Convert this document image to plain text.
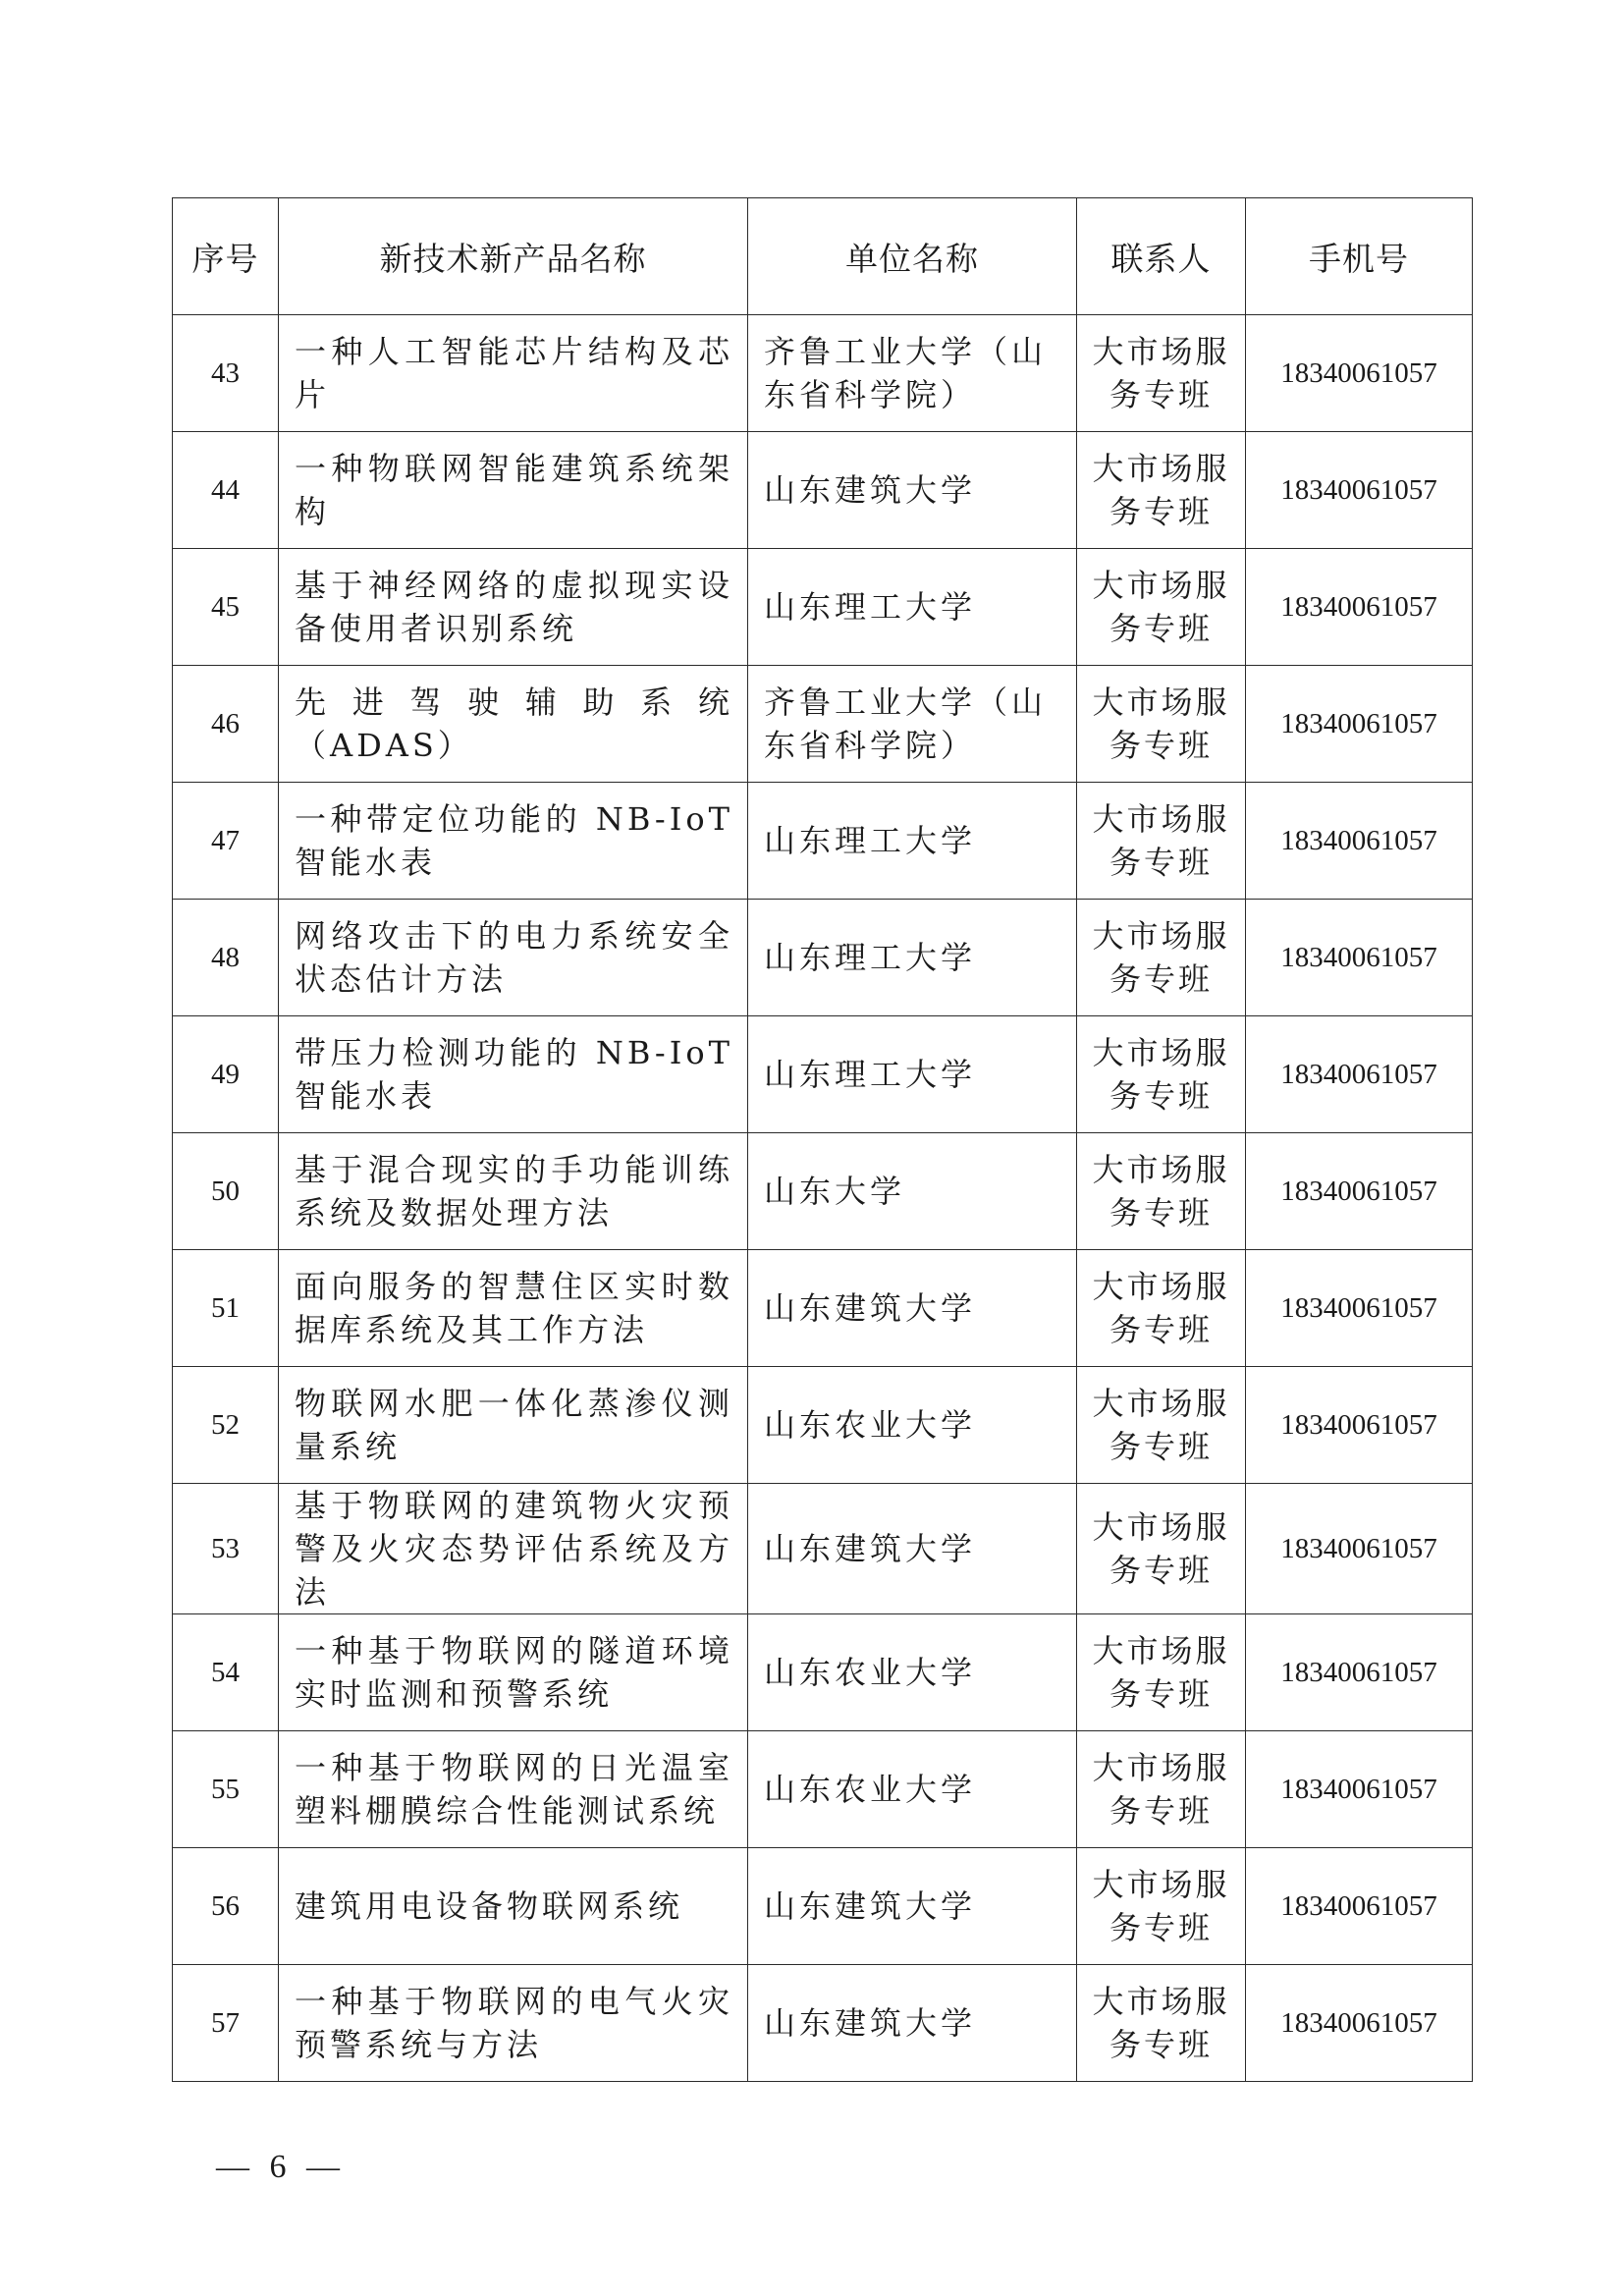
序号	新技术新产品名称	单位名称	联系人	手机号
43	一种人工智能芯片结构及芯片	齐鲁工业大学（山东省科学院）	大市场服务专班	18340061057
44	一种物联网智能建筑系统架构	山东建筑大学	大市场服务专班	18340061057
45	基于神经网络的虚拟现实设备使用者识别系统	山东理工大学	大市场服务专班	18340061057
46	先进驾驶辅助系统（ADAS）	齐鲁工业大学（山东省科学院）	大市场服务专班	18340061057
47	一种带定位功能的 NB-IoT 智能水表	山东理工大学	大市场服务专班	18340061057
48	网络攻击下的电力系统安全状态估计方法	山东理工大学	大市场服务专班	18340061057
49	带压力检测功能的 NB-IoT 智能水表	山东理工大学	大市场服务专班	18340061057
50	基于混合现实的手功能训练系统及数据处理方法	山东大学	大市场服务专班	18340061057
51	面向服务的智慧住区实时数据库系统及其工作方法	山东建筑大学	大市场服务专班	18340061057
52	物联网水肥一体化蒸渗仪测量系统	山东农业大学	大市场服务专班	18340061057
53	基于物联网的建筑物火灾预警及火灾态势评估系统及方法	山东建筑大学	大市场服务专班	18340061057
54	一种基于物联网的隧道环境实时监测和预警系统	山东农业大学	大市场服务专班	18340061057
55	一种基于物联网的日光温室塑料棚膜综合性能测试系统	山东农业大学	大市场服务专班	18340061057
56	建筑用电设备物联网系统	山东建筑大学	大市场服务专班	18340061057
57	一种基于物联网的电气火灾预警系统与方法	山东建筑大学	大市场服务专班	18340061057
— 6 —
